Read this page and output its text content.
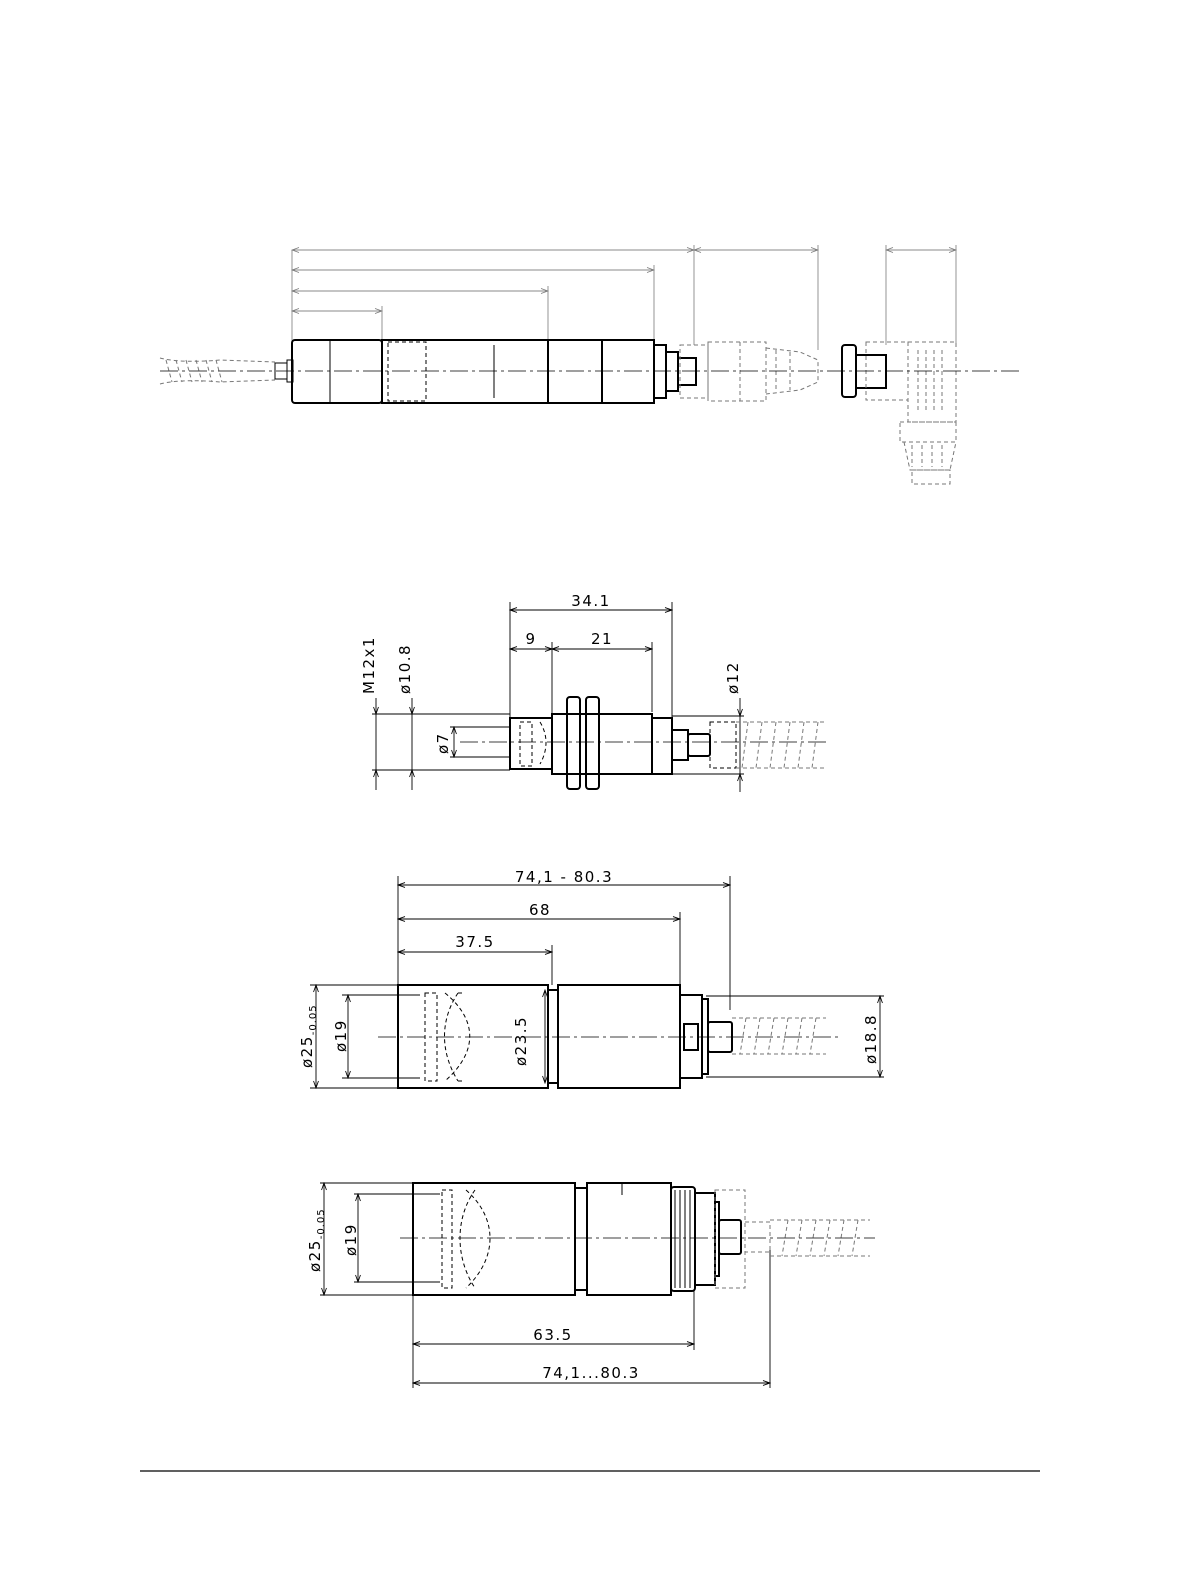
34.1
9	21
M12x1 ø10.8
ø7
ø12
74,1 - 80.3
68
37.5
$ø25_{-0.05}$ ø19	ø23.5	ø18.8
$ø25_{-0.05}$ ø19
63.5
74,1...80.3
